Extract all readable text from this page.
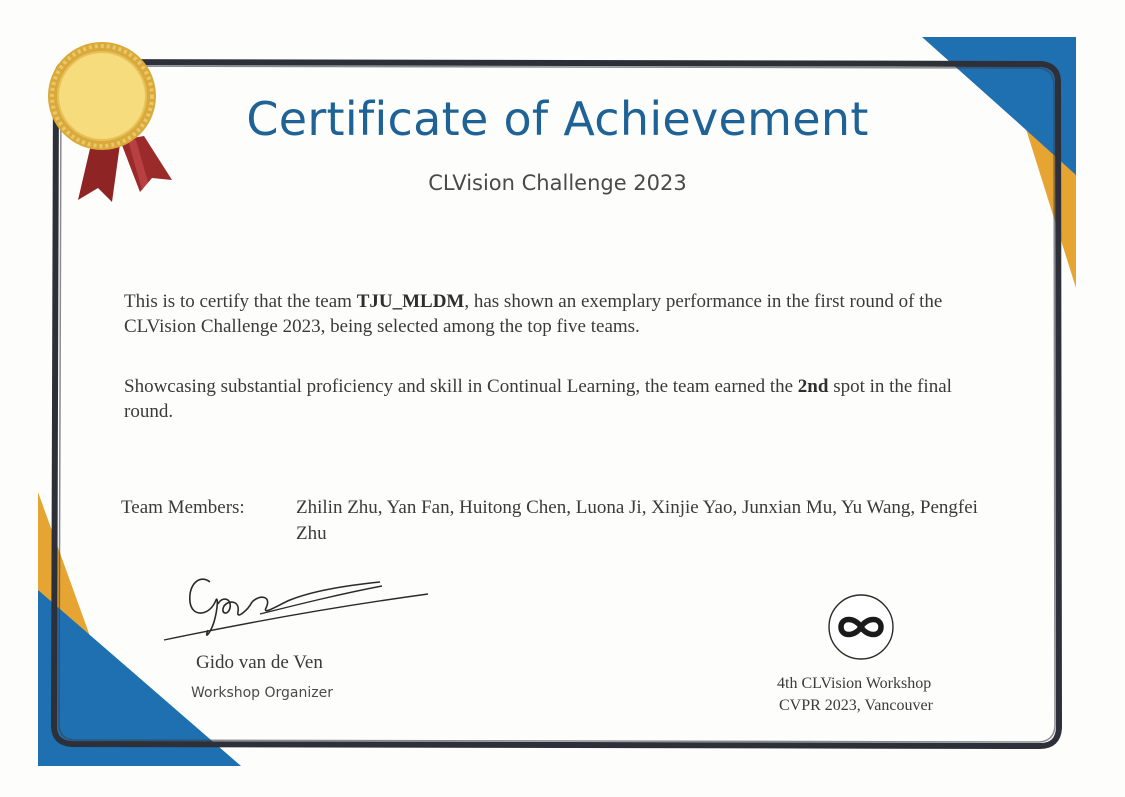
Certificate of Achievement
CLVision Challenge 2023
This is to certify that the team TJU_MLDM, has shown an exemplary performance in the first round of the CLVision Challenge 2023, being selected among the top five teams.
Showcasing substantial proficiency and skill in Continual Learning, the team earned the 2nd spot in the final round.
Team Members:	Zhilin Zhu, Yan Fan, Huitong Chen, Luona Ji, Xinjie Yao, Junxian Mu, Yu Wang, Pengfei Zhu
Gido van de Ven
Workshop Organizer
4th CLVision Workshop
CVPR 2023, Vancouver
